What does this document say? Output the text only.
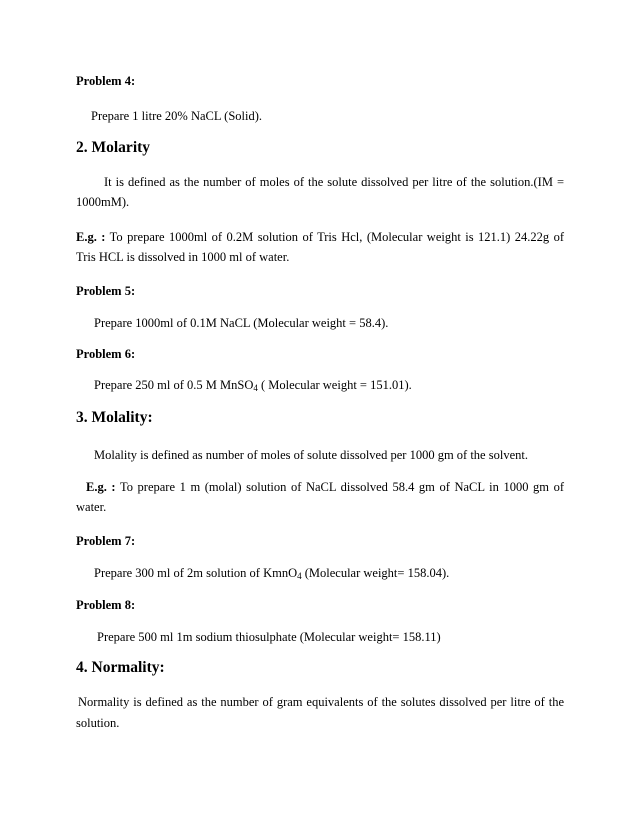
Problem 4:
Prepare 1 litre 20% NaCL (Solid).
2. Molarity
It is defined as the number of moles of the solute dissolved per litre of the solution.(IM =
1000mM).
E.g. : To prepare 1000ml of 0.2M solution of Tris Hcl, (Molecular weight is 121.1) 24.22g of
Tris HCL is dissolved in 1000 ml of water.
Problem 5:
Prepare 1000ml of 0.1M NaCL (Molecular weight = 58.4).
Problem 6:
Prepare 250 ml of 0.5 M MnSO$_4$ ( Molecular weight = 151.01).
3. Molality:
Molality is defined as number of moles of solute dissolved per 1000 gm of the solvent.
E.g. : To prepare 1 m (molal) solution of NaCL dissolved 58.4 gm of NaCL in 1000 gm of
water.
Problem 7:
Prepare 300 ml of 2m solution of KmnO$_4$ (Molecular weight= 158.04).
Problem 8:
Prepare 500 ml 1m sodium thiosulphate (Molecular weight= 158.11)
4. Normality:
Normality is defined as the number of gram equivalents of the solutes dissolved per litre of the
solution.
